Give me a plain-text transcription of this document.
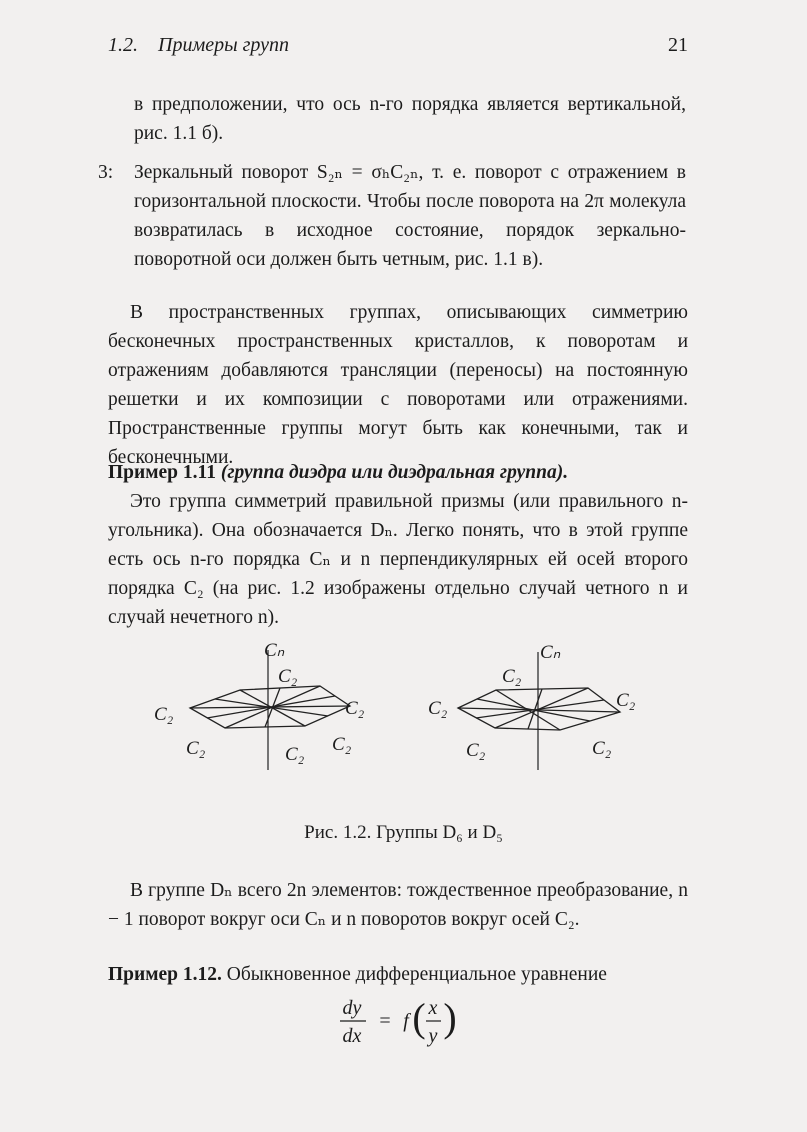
1.2. Примеры групп	21
в предположении, что ось n-го порядка является вертикальной, рис. 1.1 б).
3: Зеркальный поворот S₂ₙ = σₕC₂ₙ, т. е. поворот с отражением в горизонтальной плоскости. Чтобы после поворота на 2π молекула возвратилась в исходное состояние, порядок зеркально-поворотной оси должен быть четным, рис. 1.1 в).
В пространственных группах, описывающих симметрию бесконечных пространственных кристаллов, к поворотам и отражениям добавляются трансляции (переносы) на постоянную решетки и их композиции с поворотами или отражениями. Пространственные группы могут быть как конечными, так и бесконечными.
Пример 1.11 (группа диэдра или диэдральная группа).
Это группа симметрий правильной призмы (или правильного n-угольника). Она обозначается Dₙ. Легко понять, что в этой группе есть ось n-го порядка Cₙ и n перпендикулярных ей осей второго порядка C₂ (на рис. 1.2 изображены отдельно случай четного n и случай нечетного n).
Cₙ
C₂
C₂	C₂
C₂	C₂ C₂
Cₙ
C₂
C₂	C₂
C₂	C₂
Рис. 1.2. Группы D₆ и D₅
В группе Dₙ всего 2n элементов: тождественное преобразование, n − 1 поворот вокруг оси Cₙ и n поворотов вокруг осей C₂.
Пример 1.12. Обыкновенное дифференциальное уравнение
dy
dx
= f ( x
y )
